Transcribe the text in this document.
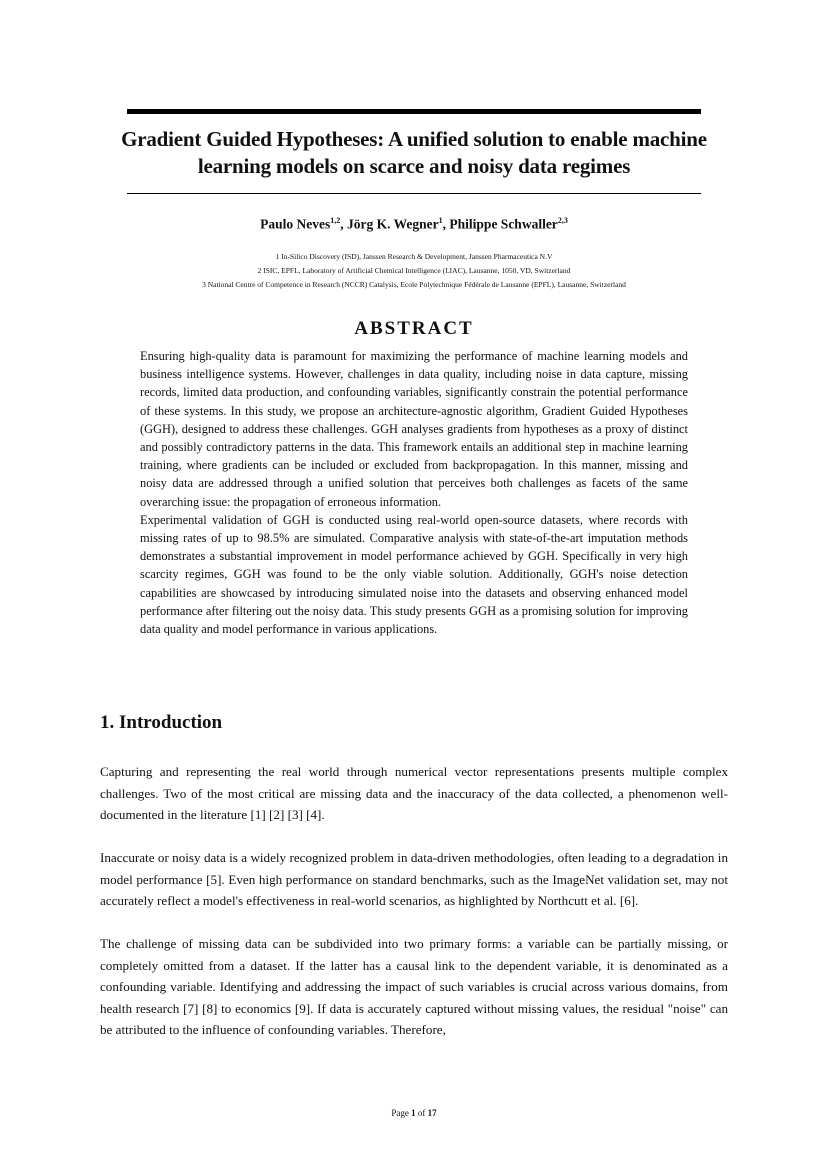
Gradient Guided Hypotheses: A unified solution to enable machine learning models on scarce and noisy data regimes
Paulo Neves$^{1,2}$, Jörg K. Wegner$^1$, Philippe Schwaller$^{2,3}$
1 In-Silico Discovery (ISD), Janssen Research & Development, Janssen Pharmaceutica N.V
2 ISIC, EPFL, Laboratory of Artificial Chemical Intelligence (LIAC), Lausanne, 1050, VD, Switzerland
3 National Centre of Competence in Research (NCCR) Catalysis, Ecole Polytechnique Fédérale de Lausanne (EPFL), Lausanne, Switzerland
ABSTRACT

Ensuring high-quality data is paramount for maximizing the performance of machine learning models and business intelligence systems. However, challenges in data quality, including noise in data capture, missing records, limited data production, and confounding variables, significantly constrain the potential performance of these systems. In this study, we propose an architecture-agnostic algorithm, Gradient Guided Hypotheses (GGH), designed to address these challenges. GGH analyses gradients from hypotheses as a proxy of distinct and possibly contradictory patterns in the data. This framework entails an additional step in machine learning training, where gradients can be included or excluded from backpropagation. In this manner, missing and noisy data are addressed through a unified solution that perceives both challenges as facets of the same overarching issue: the propagation of erroneous information.

Experimental validation of GGH is conducted using real-world open-source datasets, where records with missing rates of up to 98.5% are simulated. Comparative analysis with state-of-the-art imputation methods demonstrates a substantial improvement in model performance achieved by GGH. Specifically in very high scarcity regimes, GGH was found to be the only viable solution. Additionally, GGH's noise detection capabilities are showcased by introducing simulated noise into the datasets and observing enhanced model performance after filtering out the noisy data. This study presents GGH as a promising solution for improving data quality and model performance in various applications.

1. Introduction

Capturing and representing the real world through numerical vector representations presents multiple complex challenges. Two of the most critical are missing data and the inaccuracy of the data collected, a phenomenon well-documented in the literature [1] [2] [3] [4].

Inaccurate or noisy data is a widely recognized problem in data-driven methodologies, often leading to a degradation in model performance [5]. Even high performance on standard benchmarks, such as the ImageNet validation set, may not accurately reflect a model's effectiveness in real-world scenarios, as highlighted by Northcutt et al. [6].

The challenge of missing data can be subdivided into two primary forms: a variable can be partially missing, or completely omitted from a dataset. If the latter has a causal link to the dependent variable, it is denominated as a confounding variable. Identifying and addressing the impact of such variables is crucial across various domains, from health research [7] [8] to economics [9]. If data is accurately captured without missing values, the residual "noise" can be attributed to the influence of confounding variables. Therefore,

Page 1 of 17
